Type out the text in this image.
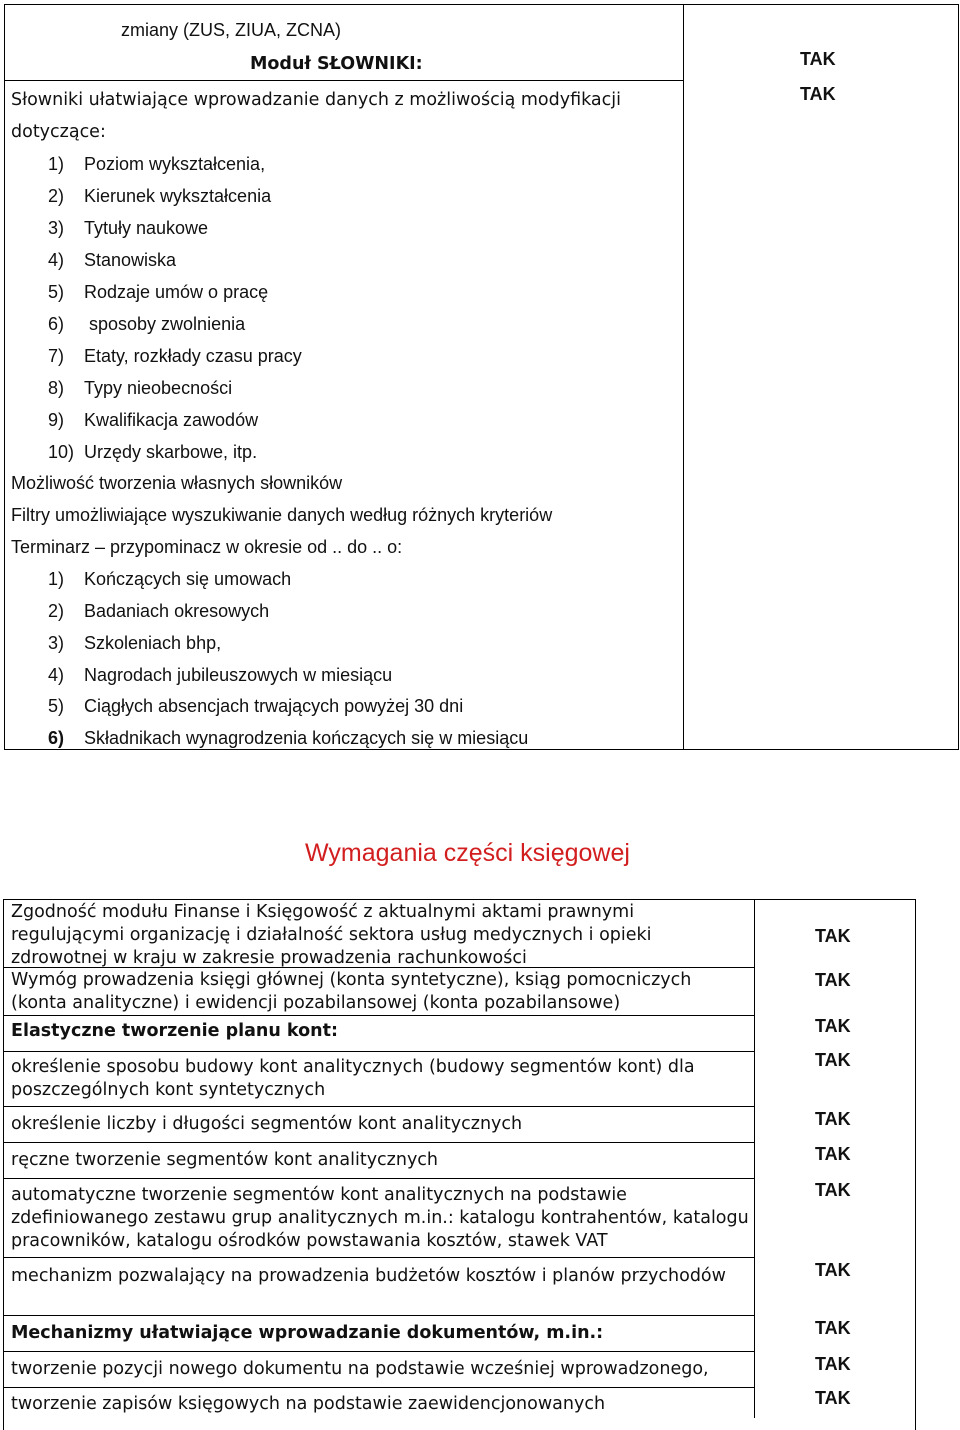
zmiany (ZUS, ZIUA, ZCNA)
Moduł SŁOWNIKI:
Słowniki ułatwiające wprowadzanie danych z możliwością modyfikacji
dotyczące:
1) Poziom wykształcenia,
2) Kierunek wykształcenia
3) Tytuły naukowe
4) Stanowiska
5) Rodzaje umów o pracę
6) sposoby zwolnienia
7) Etaty, rozkłady czasu pracy
8) Typy nieobecności
9) Kwalifikacja zawodów
10) Urzędy skarbowe, itp.
Możliwość tworzenia własnych słowników
Filtry umożliwiające wyszukiwanie danych według różnych kryteriów
Terminarz – przypominacz w okresie od .. do .. o:
1) Kończących się umowach
2) Badaniach okresowych
3) Szkoleniach bhp,
4) Nagrodach jubileuszowych w miesiącu
5) Ciągłych absencjach trwających powyżej 30 dni
6) Składnikach wynagrodzenia kończących się w miesiącu
TAK
TAK
Wymagania części księgowej
Zgodność modułu Finanse i Księgowość z aktualnymi aktami prawnymi regulującymi organizację i działalność sektora usług medycznych i opieki zdrowotnej w kraju w zakresie prowadzenia rachunkowości
Wymóg prowadzenia księgi głównej (konta syntetyczne), ksiąg pomocniczych (konta analityczne) i ewidencji pozabilansowej (konta pozabilansowe)
Elastyczne tworzenie planu kont:
określenie sposobu budowy kont analitycznych (budowy segmentów kont) dla poszczególnych kont syntetycznych
określenie liczby i długości segmentów kont analitycznych
ręczne tworzenie segmentów kont analitycznych
automatyczne tworzenie segmentów kont analitycznych na podstawie zdefiniowanego zestawu grup analitycznych m.in.: katalogu kontrahentów, katalogu pracowników, katalogu ośrodków powstawania kosztów, stawek VAT
mechanizm pozwalający na prowadzenia budżetów kosztów i planów przychodów
Mechanizmy ułatwiające wprowadzanie dokumentów, m.in.:
tworzenie pozycji nowego dokumentu na podstawie wcześniej wprowadzonego,
tworzenie zapisów księgowych na podstawie zaewidencjonowanych
TAK
TAK
TAK
TAK
TAK
TAK
TAK
TAK
TAK
TAK
TAK
